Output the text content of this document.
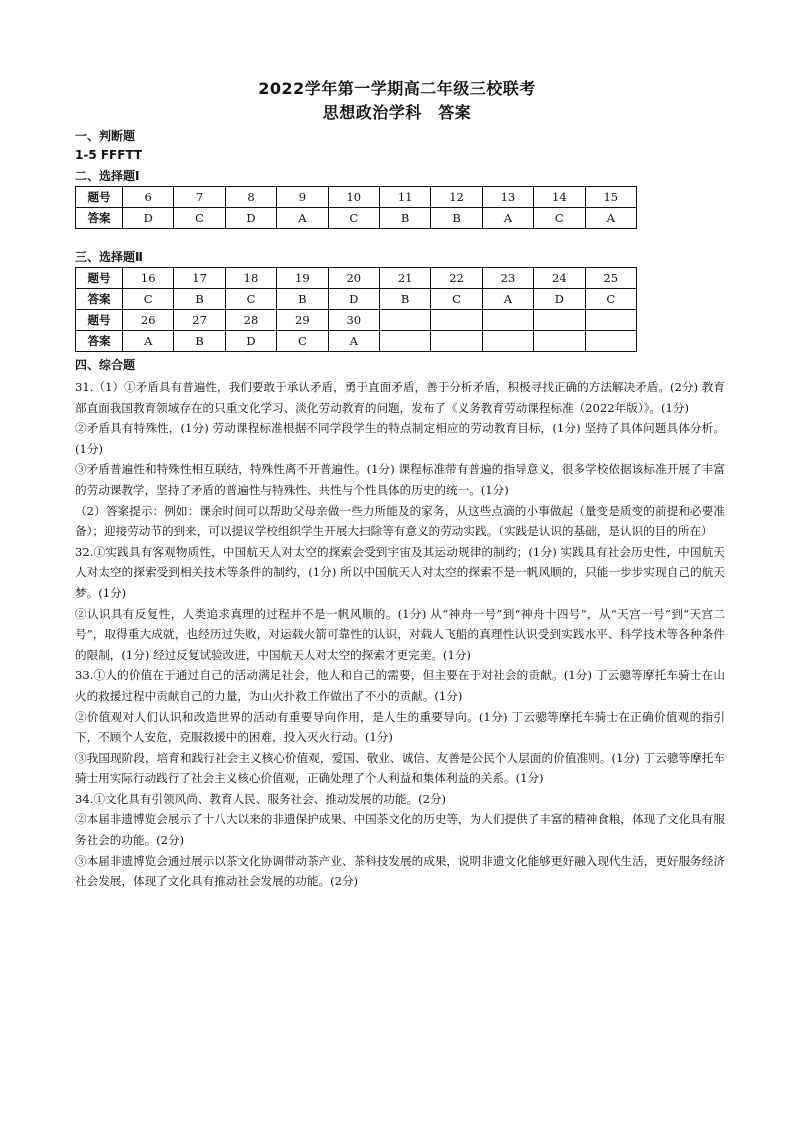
2022学年第一学期高二年级三校联考
思想政治学科　答案
一、判断题
1-5 FFFTT
二、选择题Ⅰ
题号	6	7	8	9	10	11	12	13	14	15
答案	D	C	D	A	C	B	B	A	C	A
三、选择题Ⅱ
题号	16	17	18	19	20	21	22	23	24	25
答案	C	B	C	B	D	B	C	A	D	C
题号	26	27	28	29	30					
答案	A	B	D	C	A					
四、综合题

31.（1）①矛盾具有普遍性，我们要敢于承认矛盾，勇于直面矛盾，善于分析矛盾，积极寻找正确的方法解决矛盾。(2分) 教育部直面我国教育领域存在的只重文化学习、淡化劳动教育的问题，发布了《义务教育劳动课程标准（2022年版）》。(1分)

②矛盾具有特殊性，(1分) 劳动课程标准根据不同学段学生的特点制定相应的劳动教育目标，(1分) 坚持了具体问题具体分析。(1分)

③矛盾普遍性和特殊性相互联结，特殊性离不开普遍性。(1分) 课程标准带有普遍的指导意义，很多学校依据该标准开展了丰富的劳动课教学，坚持了矛盾的普遍性与特殊性、共性与个性具体的历史的统一。(1分)

（2）答案提示：例如：课余时间可以帮助父母亲做一些力所能及的家务，从这些点滴的小事做起（量变是质变的前提和必要准备）；迎接劳动节的到来，可以提议学校组织学生开展大扫除等有意义的劳动实践。（实践是认识的基础，是认识的目的所在）

32.①实践具有客观物质性，中国航天人对太空的探索会受到宇宙及其运动规律的制约；(1分) 实践具有社会历史性，中国航天人对太空的探索受到相关技术等条件的制约，(1分) 所以中国航天人对太空的探索不是一帆风顺的，只能一步步实现自己的航天梦。(1分)

②认识具有反复性，人类追求真理的过程并不是一帆风顺的。(1分) 从“神舟一号”到“神舟十四号”，从“天宫一号”到“天宫二号”，取得重大成就，也经历过失败，对运载火箭可靠性的认识，对载人飞船的真理性认识受到实践水平、科学技术等各种条件的限制，(1分) 经过反复试验改进，中国航天人对太空的探索才更完美。(1分)

33.①人的价值在于通过自己的活动满足社会，他人和自己的需要，但主要在于对社会的贡献。(1分) 丁云骢等摩托车骑士在山火的救援过程中贡献自己的力量，为山火扑救工作做出了不小的贡献。(1分)

②价值观对人们认识和改造世界的活动有重要导向作用，是人生的重要导向。(1分) 丁云骢等摩托车骑士在正确价值观的指引下，不顾个人安危，克服救援中的困难，投入灭火行动。(1分)

③我国现阶段，培育和践行社会主义核心价值观，爱国、敬业、诚信、友善是公民个人层面的价值准则。(1分) 丁云骢等摩托车骑士用实际行动践行了社会主义核心价值观，正确处理了个人利益和集体利益的关系。(1分)

34.①文化具有引领风尚、教育人民、服务社会、推动发展的功能。(2分)

②本届非遗博览会展示了十八大以来的非遗保护成果、中国茶文化的历史等，为人们提供了丰富的精神食粮，体现了文化具有服务社会的功能。(2分)

③本届非遗博览会通过展示以茶文化协调带动茶产业、茶科技发展的成果，说明非遗文化能够更好融入现代生活，更好服务经济社会发展，体现了文化具有推动社会发展的功能。(2分)
